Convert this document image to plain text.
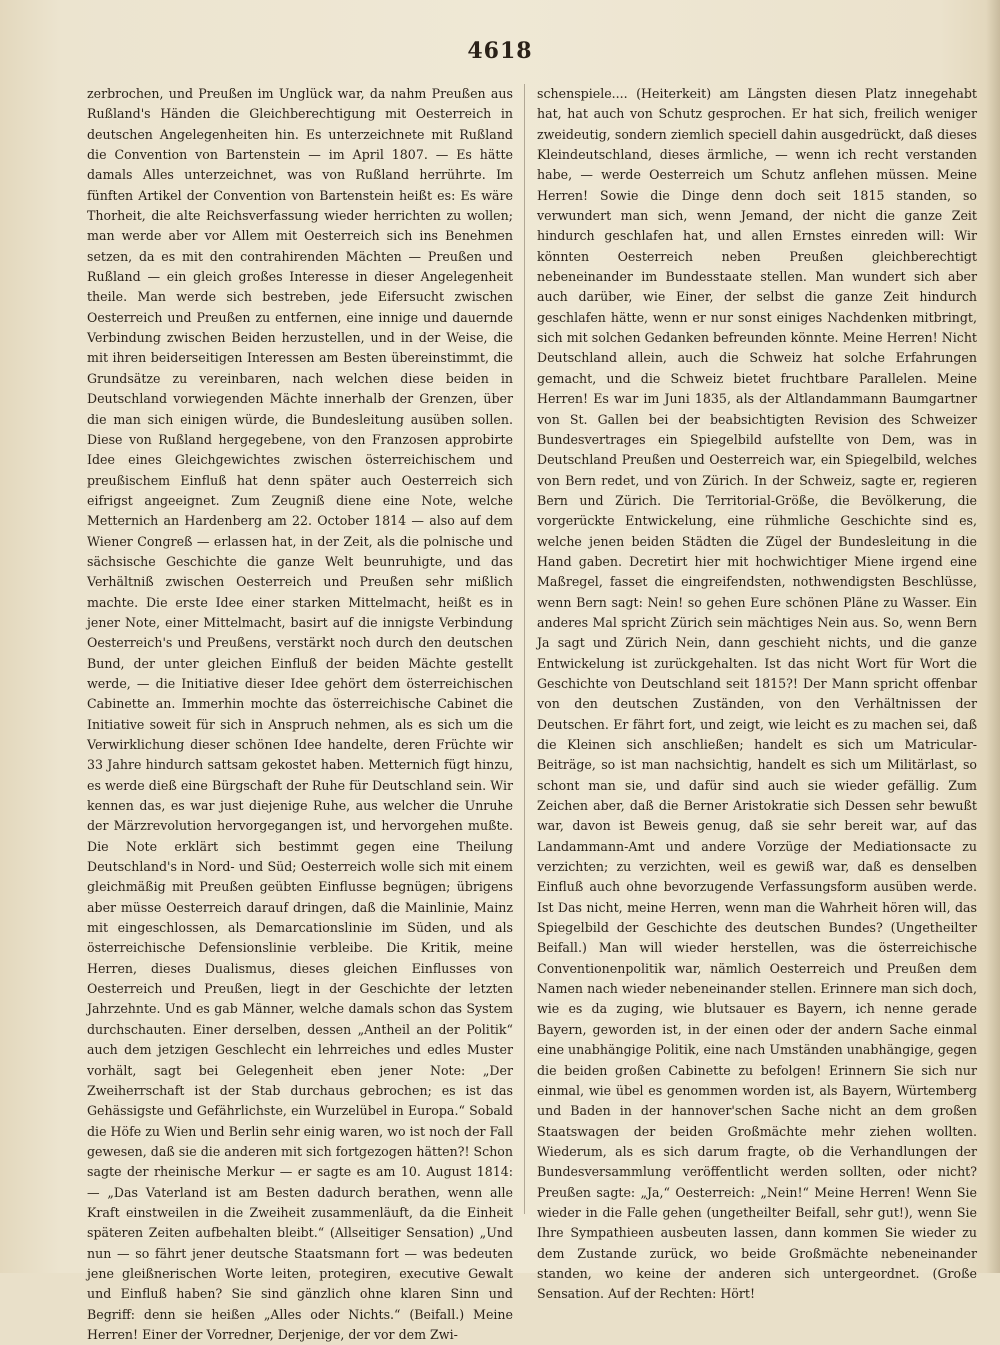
4618

zerbrochen, und Preußen im Unglück war, da nahm Preußen aus Rußland's Händen die Gleichberechtigung mit Oesterreich in deutschen Angelegenheiten hin. Es unterzeichnete mit Rußland die Convention von Bartenstein — im April 1807. — Es hätte damals Alles unterzeichnet, was von Rußland herrührte. Im fünften Artikel der Convention von Bartenstein heißt es: Es wäre Thorheit, die alte Reichsverfassung wieder herrichten zu wollen; man werde aber vor Allem mit Oesterreich sich ins Benehmen setzen, da es mit den contrahirenden Mächten — Preußen und Rußland — ein gleich großes Interesse in dieser Angelegenheit theile. Man werde sich bestreben, jede Eifersucht zwischen Oesterreich und Preußen zu entfernen, eine innige und dauernde Verbindung zwischen Beiden herzustellen, und in der Weise, die mit ihren beiderseitigen Interessen am Besten übereinstimmt, die Grundsätze zu vereinbaren, nach welchen diese beiden in Deutschland vorwiegenden Mächte innerhalb der Grenzen, über die man sich einigen würde, die Bundesleitung ausüben sollen. Diese von Rußland hergegebene, von den Franzosen approbirte Idee eines Gleichgewichtes zwischen österreichischem und preußischem Einfluß hat denn später auch Oesterreich sich eifrigst angeeignet. Zum Zeugniß diene eine Note, welche Metternich an Hardenberg am 22. October 1814 — also auf dem Wiener Congreß — erlassen hat, in der Zeit, als die polnische und sächsische Geschichte die ganze Welt beunruhigte, und das Verhältniß zwischen Oesterreich und Preußen sehr mißlich machte. Die erste Idee einer starken Mittelmacht, heißt es in jener Note, einer Mittelmacht, basirt auf die innigste Verbindung Oesterreich's und Preußens, verstärkt noch durch den deutschen Bund, der unter gleichen Einfluß der beiden Mächte gestellt werde, — die Initiative dieser Idee gehört dem österreichischen Cabinette an. Immerhin mochte das österreichische Cabinet die Initiative soweit für sich in Anspruch nehmen, als es sich um die Verwirklichung dieser schönen Idee handelte, deren Früchte wir 33 Jahre hindurch sattsam gekostet haben. Metternich fügt hinzu, es werde dieß eine Bürgschaft der Ruhe für Deutschland sein. Wir kennen das, es war just diejenige Ruhe, aus welcher die Unruhe der Märzrevolution hervorgegangen ist, und hervorgehen mußte. Die Note erklärt sich bestimmt gegen eine Theilung Deutschland's in Nord- und Süd; Oesterreich wolle sich mit einem gleichmäßig mit Preußen geübten Einflusse begnügen; übrigens aber müsse Oesterreich darauf dringen, daß die Mainlinie, Mainz mit eingeschlossen, als Demarcationslinie im Süden, und als österreichische Defensionslinie verbleibe. Die Kritik, meine Herren, dieses Dualismus, dieses gleichen Einflusses von Oesterreich und Preußen, liegt in der Geschichte der letzten Jahrzehnte. Und es gab Männer, welche damals schon das System durchschauten. Einer derselben, dessen „Antheil an der Politik“ auch dem jetzigen Geschlecht ein lehrreiches und edles Muster vorhält, sagt bei Gelegenheit eben jener Note: „Der Zweiherrschaft ist der Stab durchaus gebrochen; es ist das Gehässigste und Gefährlichste, ein Wurzelübel in Europa.“ Sobald die Höfe zu Wien und Berlin sehr einig waren, wo ist noch der Fall gewesen, daß sie die anderen mit sich fortgezogen hätten?! Schon sagte der rheinische Merkur — er sagte es am 10. August 1814: — „Das Vaterland ist am Besten dadurch berathen, wenn alle Kraft einstweilen in die Zweiheit zusammenläuft, da die Einheit späteren Zeiten aufbehalten bleibt.“ (Allseitiger Sensation) „Und nun — so fährt jener deutsche Staatsmann fort — was bedeuten jene gleißnerischen Worte leiten, protegiren, executive Gewalt und Einfluß haben? Sie sind gänzlich ohne klaren Sinn und Begriff: denn sie heißen „Alles oder Nichts.“ (Beifall.) Meine Herren! Einer der Vorredner, Derjenige, der vor dem Zwi-

schenspiele.... (Heiterkeit) am Längsten diesen Platz innegehabt hat, hat auch von Schutz gesprochen. Er hat sich, freilich weniger zweideutig, sondern ziemlich speciell dahin ausgedrückt, daß dieses Kleindeutschland, dieses ärmliche, — wenn ich recht verstanden habe, — werde Oesterreich um Schutz anflehen müssen. Meine Herren! Sowie die Dinge denn doch seit 1815 standen, so verwundert man sich, wenn Jemand, der nicht die ganze Zeit hindurch geschlafen hat, und allen Ernstes einreden will: Wir könnten Oesterreich neben Preußen gleichberechtigt nebeneinander im Bundesstaate stellen. Man wundert sich aber auch darüber, wie Einer, der selbst die ganze Zeit hindurch geschlafen hätte, wenn er nur sonst einiges Nachdenken mitbringt, sich mit solchen Gedanken befreunden könnte. Meine Herren! Nicht Deutschland allein, auch die Schweiz hat solche Erfahrungen gemacht, und die Schweiz bietet fruchtbare Parallelen. Meine Herren! Es war im Juni 1835, als der Altlandammann Baumgartner von St. Gallen bei der beabsichtigten Revision des Schweizer Bundesvertrages ein Spiegelbild aufstellte von Dem, was in Deutschland Preußen und Oesterreich war, ein Spiegelbild, welches von Bern redet, und von Zürich. In der Schweiz, sagte er, regieren Bern und Zürich. Die Territorial-Größe, die Bevölkerung, die vorgerückte Entwickelung, eine rühmliche Geschichte sind es, welche jenen beiden Städten die Zügel der Bundesleitung in die Hand gaben. Decretirt hier mit hochwichtiger Miene irgend eine Maßregel, fasset die eingreifendsten, nothwendigsten Beschlüsse, wenn Bern sagt: Nein! so gehen Eure schönen Pläne zu Wasser. Ein anderes Mal spricht Zürich sein mächtiges Nein aus. So, wenn Bern Ja sagt und Zürich Nein, dann geschieht nichts, und die ganze Entwickelung ist zurückgehalten. Ist das nicht Wort für Wort die Geschichte von Deutschland seit 1815?! Der Mann spricht offenbar von den deutschen Zuständen, von den Verhältnissen der Deutschen. Er fährt fort, und zeigt, wie leicht es zu machen sei, daß die Kleinen sich anschließen; handelt es sich um Matricular-Beiträge, so ist man nachsichtig, handelt es sich um Militärlast, so schont man sie, und dafür sind auch sie wieder gefällig. Zum Zeichen aber, daß die Berner Aristokratie sich Dessen sehr bewußt war, davon ist Beweis genug, daß sie sehr bereit war, auf das Landammann-Amt und andere Vorzüge der Mediationsacte zu verzichten; zu verzichten, weil es gewiß war, daß es denselben Einfluß auch ohne bevorzugende Verfassungsform ausüben werde. Ist Das nicht, meine Herren, wenn man die Wahrheit hören will, das Spiegelbild der Geschichte des deutschen Bundes? (Ungetheilter Beifall.) Man will wieder herstellen, was die österreichische Conventionenpolitik war, nämlich Oesterreich und Preußen dem Namen nach wieder nebeneinander stellen. Erinnere man sich doch, wie es da zuging, wie blutsauer es Bayern, ich nenne gerade Bayern, geworden ist, in der einen oder der andern Sache einmal eine unabhängige Politik, eine nach Umständen unabhängige, gegen die beiden großen Cabinette zu befolgen! Erinnern Sie sich nur einmal, wie übel es genommen worden ist, als Bayern, Würtemberg und Baden in der hannover'schen Sache nicht an dem großen Staatswagen der beiden Großmächte mehr ziehen wollten. Wiederum, als es sich darum fragte, ob die Verhandlungen der Bundesversammlung veröffentlicht werden sollten, oder nicht? Preußen sagte: „Ja,“ Oesterreich: „Nein!“ Meine Herren! Wenn Sie wieder in die Falle gehen (ungetheilter Beifall, sehr gut!), wenn Sie Ihre Sympathieen ausbeuten lassen, dann kommen Sie wieder zu dem Zustande zurück, wo beide Großmächte nebeneinander standen, wo keine der anderen sich untergeordnet. (Große Sensation. Auf der Rechten: Hört!
